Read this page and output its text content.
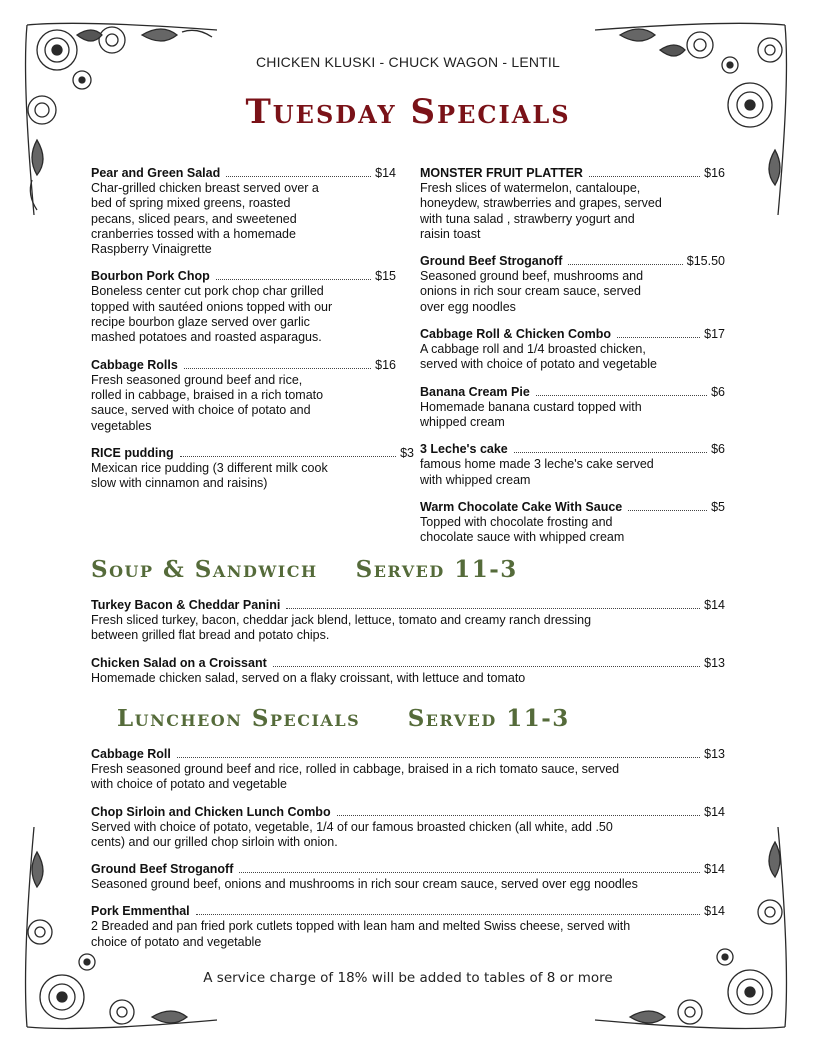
CHICKEN KLUSKI - CHUCK WAGON - LENTIL
Tuesday Specials
Pear and Green Salad	$14
Char-grilled chicken breast served over a
bed of spring mixed greens, roasted
pecans, sliced pears, and sweetened
cranberries tossed with a homemade
Raspberry Vinaigrette
Bourbon Pork Chop	$15
Boneless center cut pork chop char grilled
topped with sautéed onions topped with our
recipe bourbon glaze served over garlic
mashed potatoes and roasted asparagus.
Cabbage Rolls	$16
Fresh seasoned ground beef and rice,
rolled in cabbage, braised in a rich tomato
sauce, served with choice of potato and
vegetables
RICE pudding	$3
Mexican rice pudding (3 different milk cook
slow with cinnamon and raisins)
MONSTER FRUIT PLATTER	$16
Fresh slices of watermelon, cantaloupe,
honeydew, strawberries and grapes, served
with tuna salad , strawberry yogurt and
raisin toast
Ground Beef Stroganoff	$15.50
Seasoned ground beef, mushrooms and
onions in rich sour cream sauce, served
over egg noodles
Cabbage Roll & Chicken Combo	$17
A cabbage roll and 1/4 broasted chicken,
served with choice of potato and vegetable
Banana Cream Pie	$6
Homemade banana custard topped with
whipped cream
3 Leche's cake	$6
famous home made 3 leche's cake served
with whipped cream
Warm Chocolate Cake With Sauce	$5
Topped with chocolate frosting and
chocolate sauce with whipped cream
Soup & Sandwich Served 11-3
Turkey Bacon & Cheddar Panini	$14
Fresh sliced turkey, bacon, cheddar jack blend, lettuce, tomato and creamy ranch dressing
between grilled flat bread and potato chips.
Chicken Salad on a Croissant	$13
Homemade chicken salad, served on a flaky croissant, with lettuce and tomato
Luncheon Specials Served 11-3
Cabbage Roll	$13
Fresh seasoned ground beef and rice, rolled in cabbage, braised in a rich tomato sauce, served
with choice of potato and vegetable
Chop Sirloin and Chicken Lunch Combo	$14
Served with choice of potato, vegetable, 1/4 of our famous broasted chicken (all white, add .50
cents) and our grilled chop sirloin with onion.
Ground Beef Stroganoff	$14
Seasoned ground beef, onions and mushrooms in rich sour cream sauce, served over egg noodles
Pork Emmenthal	$14
2 Breaded and pan fried pork cutlets topped with lean ham and melted Swiss cheese, served with
choice of potato and vegetable
A service charge of 18% will be added to tables of 8 or more
